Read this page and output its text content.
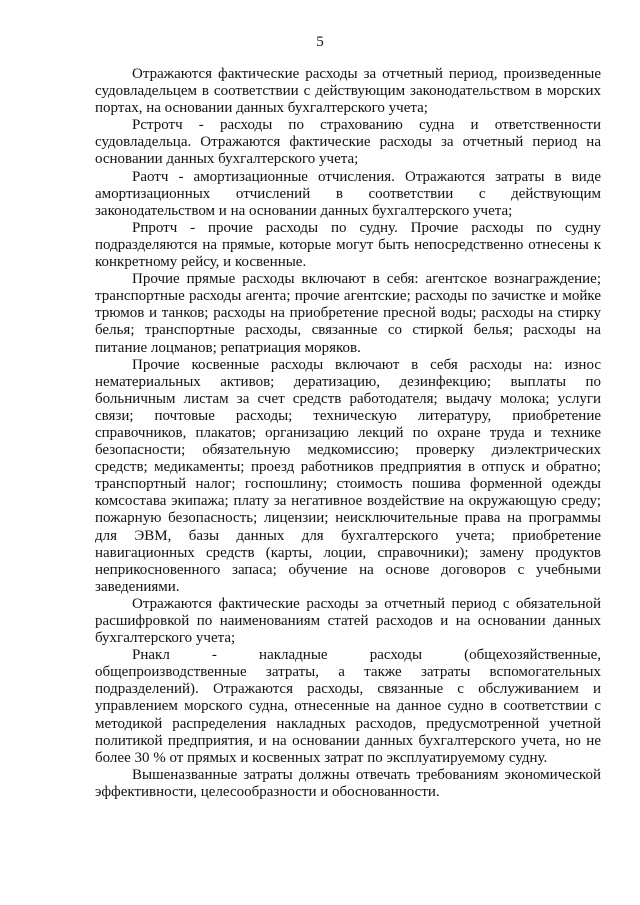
5

Отражаются фактические расходы за отчетный период, произведенные судовладельцем в соответствии с действующим законодательством в морских портах, на основании данных бухгалтерского учета;

Рстротч - расходы по страхованию судна и ответственности судовладельца. Отражаются фактические расходы за отчетный период на основании данных бухгалтерского учета;

Раотч - амортизационные отчисления. Отражаются затраты в виде амортизационных отчислений в соответствии с действующим законодательством и на основании данных бухгалтерского учета;

Рпротч - прочие расходы по судну. Прочие расходы по судну подразделяются на прямые, которые могут быть непосредственно отнесены к конкретному рейсу, и косвенные.

Прочие прямые расходы включают в себя: агентское вознаграждение; транспортные расходы агента; прочие агентские; расходы по зачистке и мойке трюмов и танков; расходы на приобретение пресной воды; расходы на стирку белья; транспортные расходы, связанные со стиркой белья; расходы на питание лоцманов; репатриация моряков.

Прочие косвенные расходы включают в себя расходы на: износ нематериальных активов; дератизацию, дезинфекцию; выплаты по больничным листам за счет средств работодателя; выдачу молока; услуги связи; почтовые расходы; техническую литературу, приобретение справочников, плакатов; организацию лекций по охране труда и технике безопасности; обязательную медкомиссию; проверку диэлектрических средств; медикаменты; проезд работников предприятия в отпуск и обратно; транспортный налог; госпошлину; стоимость пошива форменной одежды комсостава экипажа; плату за негативное воздействие на окружающую среду; пожарную безопасность; лицензии; неисключительные права на программы для ЭВМ, базы данных для бухгалтерского учета; приобретение навигационных средств (карты, лоции, справочники); замену продуктов неприкосновенного запаса; обучение на основе договоров с учебными заведениями.

Отражаются фактические расходы за отчетный период с обязательной расшифровкой по наименованиям статей расходов и на основании данных бухгалтерского учета;

Рнакл - накладные расходы (общехозяйственные, общепроизводственные затраты, а также затраты вспомогательных подразделений). Отражаются расходы, связанные с обслуживанием и управлением морского судна, отнесенные на данное судно в соответствии с методикой распределения накладных расходов, предусмотренной учетной политикой предприятия, и на основании данных бухгалтерского учета, но не более 30 % от прямых и косвенных затрат по эксплуатируемому судну.

Вышеназванные затраты должны отвечать требованиям экономической эффективности, целесообразности и обоснованности.
